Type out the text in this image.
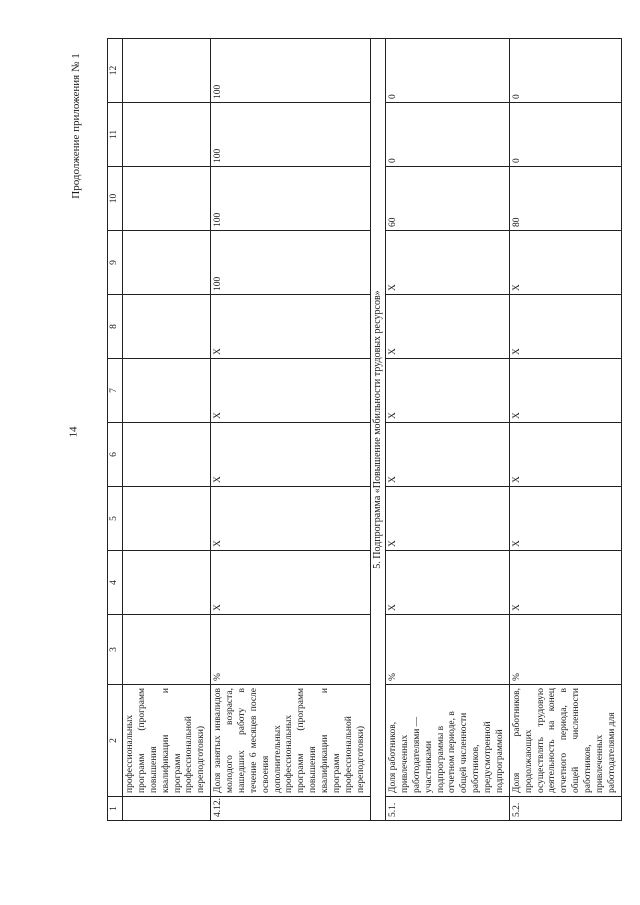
14
Продолжение приложения № 1
1	2	3	4	5	6	7	8	9	10	11	12
	профессиональных программ (программ повышения квалификации и программ профессиональной переподготовки)										
4.12.	Доля занятых инвалидов молодого возраста, нашедших работу в течение 6 месяцев после освоения дополнительных профессиональных программ (программ повышения квалификации и программ профессиональной переподготовки)	%	Х	Х	Х	Х	Х	100	100	100	100
5. Подпрограмма «Повышение мобильности трудовых ресурсов»											
5.1.	Доля работников, привлеченных работодателями — участниками подпрограммы в отчетном периоде, в общей численности работников, предусмотренной подпрограммой	%	Х	Х	Х	Х	Х	Х	60	0	0
5.2.	Доля работников, продолжающих осуществлять трудовую деятельность на конец отчетного периода, в общей численности работников, привлеченных работодателями для	%	Х	Х	Х	Х	Х	Х	80	0	0
